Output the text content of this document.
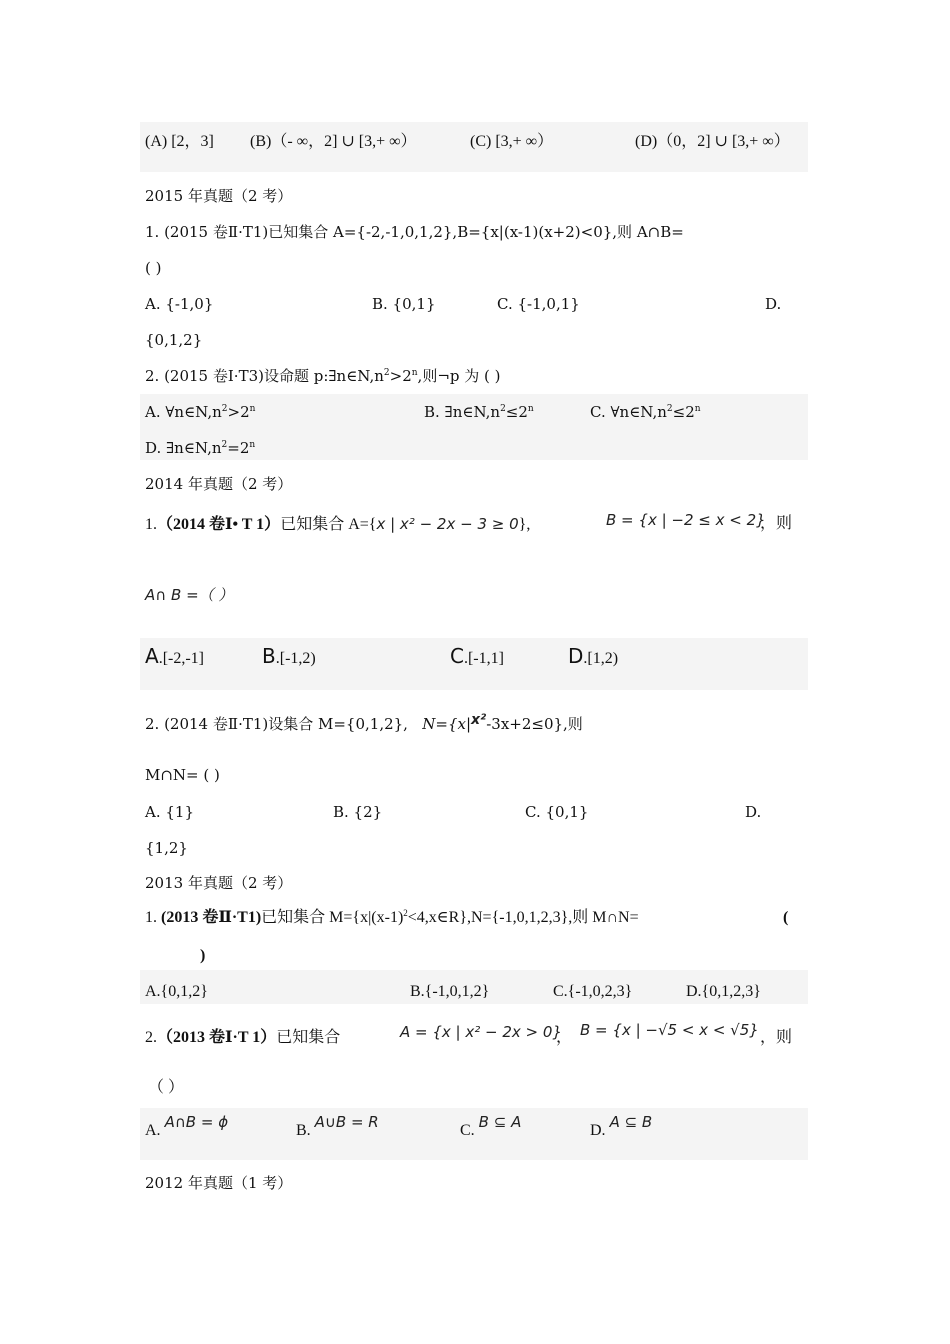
(A) [2，3] (B)（- ∞，2] ∪ [3,+ ∞）	(C) [3,+ ∞）	(D)（0，2] ∪ [3,+ ∞）
2015 年真题（2 考）
1. (2015 卷Ⅱ·T1)已知集合 A={-2,-1,0,1,2},B={x|(x-1)(x+2)<0},则 A∩B=
( )
A. {-1,0}	B. {0,1}	C. {-1,0,1}	D.
{0,1,2}
2. (2015 卷Ⅰ·T3)设命题 $p:\exists n\in N,n^2>2^n$,则¬p 为 ( )
A. $\forall n\in N,n^2>2^n$	B. $\exists n\in N,n^2\le 2^n$	C. $\forall n\in N,n^2\le 2^n$
D. $\exists n\in N,n^2=2^n$
2014 年真题（2 考）
1.（2014 卷Ⅰ• T 1）已知集合 A={x | x² − 2x − 3 ≥ 0},	B = {x | −2 ≤ x < 2}
，则
A∩ B =（ ）
A.[-2,-1]	B.[-1,2)	C.[-1,1]	D.[1,2)
2. (2014 卷Ⅱ·T1)设集合 M={0,1,2}, N={x|x²-3x+2≤0},则
M∩N= ( )
A. {1}	B. {2}	C. {0,1}	D.
{1,2}
2013 年真题（2 考）
1. (2013 卷Ⅱ·T1)已知集合 $M=\{x|(x-1)^2<4,x\in R\},N=\{-1,0,1,2,3\}$,则 M∩N=	(
)
A.{0,1,2}	B.{-1,0,1,2}	C.{-1,0,2,3}	D.{0,1,2,3}
2.（2013 卷Ⅰ·T 1）已知集合	A = {x | x² − 2x > 0}
， B = {x | −√5 < x < √5} ，则
（ ）
A. A∩B = ϕ	B. A∪B = R	C. B ⊆ A	D. A ⊆ B
2012 年真题（1 考）
